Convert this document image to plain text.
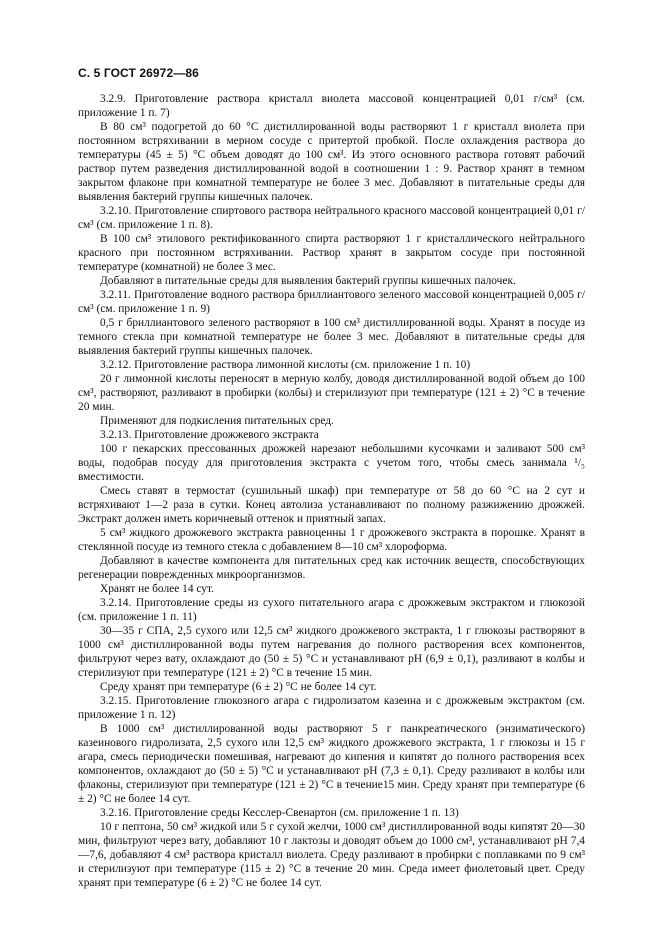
С. 5 ГОСТ 26972—86

3.2.9. Приготовление раствора кристалл виолета массовой концентрацией 0,01 г/см³ (см. приложение 1 п. 7)

В 80 см³ подогретой до 60 °С дистиллированной воды растворяют 1 г кристалл виолета при постоянном встряхивании в мерном сосуде с притертой пробкой. После охлаждения раствора до температуры (45 ± 5) °С объем доводят до 100 см³. Из этого основного раствора готовят рабочий раствор путем разведения дистиллированной водой в соотношении 1 : 9. Раствор хранят в темном закрытом флаконе при комнатной температуре не более 3 мес. Добавляют в питательные среды для выявления бактерий группы кишечных палочек.

3.2.10. Приготовление спиртового раствора нейтрального красного массовой концентрацией 0,01 г/см³ (см. приложение 1 п. 8).

В 100 см³ этилового ректификованного спирта растворяют 1 г кристаллического нейтрального красного при постоянном встряхивании. Раствор хранят в закрытом сосуде при постоянной температуре (комнатной) не более 3 мес.

Добавляют в питательные среды для выявления бактерий группы кишечных палочек.

3.2.11. Приготовление водного раствора бриллиантового зеленого массовой концентрацией 0,005 г/см³ (см. приложение 1 п. 9)

0,5 г бриллиантового зеленого растворяют в 100 см³ дистиллированной воды. Хранят в посуде из темного стекла при комнатной температуре не более 3 мес. Добавляют в питательные среды для выявления бактерий группы кишечных палочек.

3.2.12. Приготовление раствора лимонной кислоты (см. приложение 1 п. 10)

20 г лимонной кислоты переносят в мерную колбу, доводя дистиллированной водой объем до 100 см³, растворяют, разливают в пробирки (колбы) и стерилизуют при температуре (121 ± 2) °С в течение 20 мин.

Применяют для подкисления питательных сред.

3.2.13. Приготовление дрожжевого экстракта

100 г пекарских прессованных дрожжей нарезают небольшими кусочками и заливают 500 см³ воды, подобрав посуду для приготовления экстракта с учетом того, чтобы смесь занимала ¹/₅ вместимости.

Смесь ставят в термостат (сушильный шкаф) при температуре от 58 до 60 °С на 2 сут и встряхивают 1—2 раза в сутки. Конец автолиза устанавливают по полному разжижению дрожжей. Экстракт должен иметь коричневый оттенок и приятный запах.

5 см³ жидкого дрожжевого экстракта равноценны 1 г дрожжевого экстракта в порошке. Хранят в стеклянной посуде из темного стекла с добавлением 8—10 см³ хлороформа.

Добавляют в качестве компонента для питательных сред как источник веществ, способствующих регенерации поврежденных микроорганизмов.

Хранят не более 14 сут.

3.2.14. Приготовление среды из сухого питательного агара с дрожжевым экстрактом и глюкозой (см. приложение 1 п. 11)

30—35 г СПА, 2,5 сухого или 12,5 см³ жидкого дрожжевого экстракта, 1 г глюкозы растворяют в 1000 см³ дистиллированной воды путем нагревания до полного растворения всех компонентов, фильтруют через вату, охлаждают до (50 ± 5) °С и устанавливают рН (6,9 ± 0,1), разливают в колбы и стерилизуют при температуре (121 ± 2) °С в течение 15 мин.

Среду хранят при температуре (6 ± 2) °С не более 14 сут.

3.2.15. Приготовление глюкозного агара с гидролизатом казеина и с дрожжевым экстрактом (см. приложение 1 п. 12)

В 1000 см³ дистиллированной воды растворяют 5 г панкреатического (энзиматического) казеинового гидролизата, 2,5 сухого или 12,5 см³ жидкого дрожжевого экстракта, 1 г глюкозы и 15 г агара, смесь периодически помешивая, нагревают до кипения и кипятят до полного растворения всех компонентов, охлаждают до (50 ± 5) °С и устанавливают рН (7,3 ± 0,1). Среду разливают в колбы или флаконы, стерилизуют при температуре (121 ± 2) °С в течение15 мин. Среду хранят при температуре (6 ± 2) °С не более 14 сут.

3.2.16. Приготовление среды Кесслер-Свенартон (см. приложение 1 п. 13)

10 г пептона, 50 см³ жидкой или 5 г сухой желчи, 1000 см³ дистиллированной воды кипятят 20—30 мин, фильтруют через вату, добавляют 10 г лактозы и доводят объем до 1000 см³, устанавливают рН 7,4—7,6, добавляют 4 см³ раствора кристалл виолета. Среду разливают в пробирки с поплавками по 9 см³ и стерилизуют при температуре (115 ± 2) °С в течение 20 мин. Среда имеет фиолетовый цвет. Среду хранят при температуре (6 ± 2) °С не более 14 сут.
